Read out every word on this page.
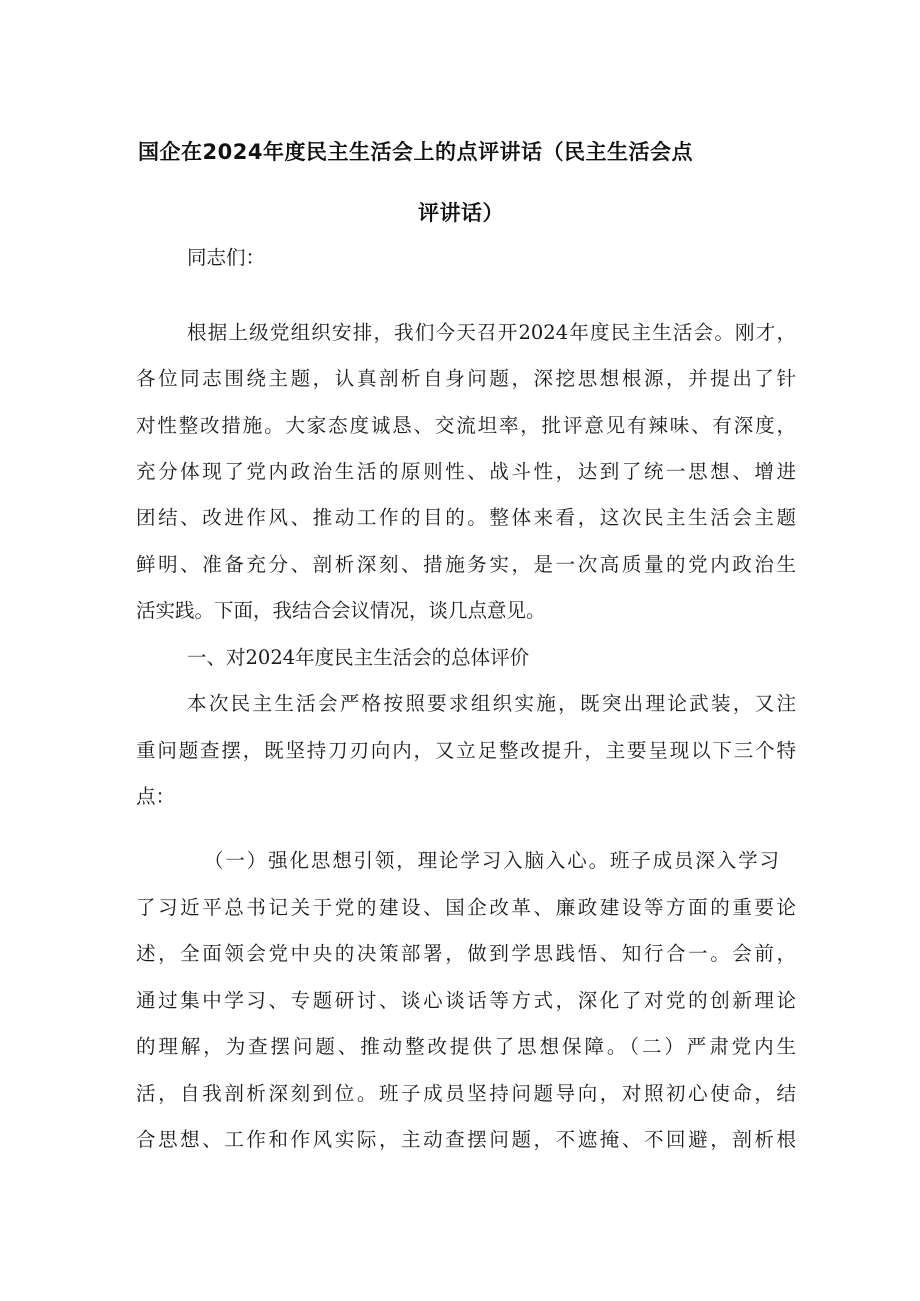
国企在2024年度民主生活会上的点评讲话（民主生活会点
评讲话）
同志们：
根据上级党组织安排，我们今天召开2024年度民主生活会。刚才，
各位同志围绕主题，认真剖析自身问题，深挖思想根源，并提出了针
对性整改措施。大家态度诚恳、交流坦率，批评意见有辣味、有深度，
充分体现了党内政治生活的原则性、战斗性，达到了统一思想、增进
团结、改进作风、推动工作的目的。整体来看，这次民主生活会主题
鲜明、准备充分、剖析深刻、措施务实，是一次高质量的党内政治生
活实践。下面，我结合会议情况，谈几点意见。
一、对2024年度民主生活会的总体评价
本次民主生活会严格按照要求组织实施，既突出理论武装，又注
重问题查摆，既坚持刀刃向内，又立足整改提升，主要呈现以下三个特
点：
（一）强化思想引领，理论学习入脑入心。班子成员深入学习
了习近平总书记关于党的建设、国企改革、廉政建设等方面的重要论
述，全面领会党中央的决策部署，做到学思践悟、知行合一。会前，
通过集中学习、专题研讨、谈心谈话等方式，深化了对党的创新理论
的理解，为查摆问题、推动整改提供了思想保障。（二）严肃党内生
活，自我剖析深刻到位。班子成员坚持问题导向，对照初心使命，结
合思想、工作和作风实际，主动查摆问题，不遮掩、不回避，剖析根
